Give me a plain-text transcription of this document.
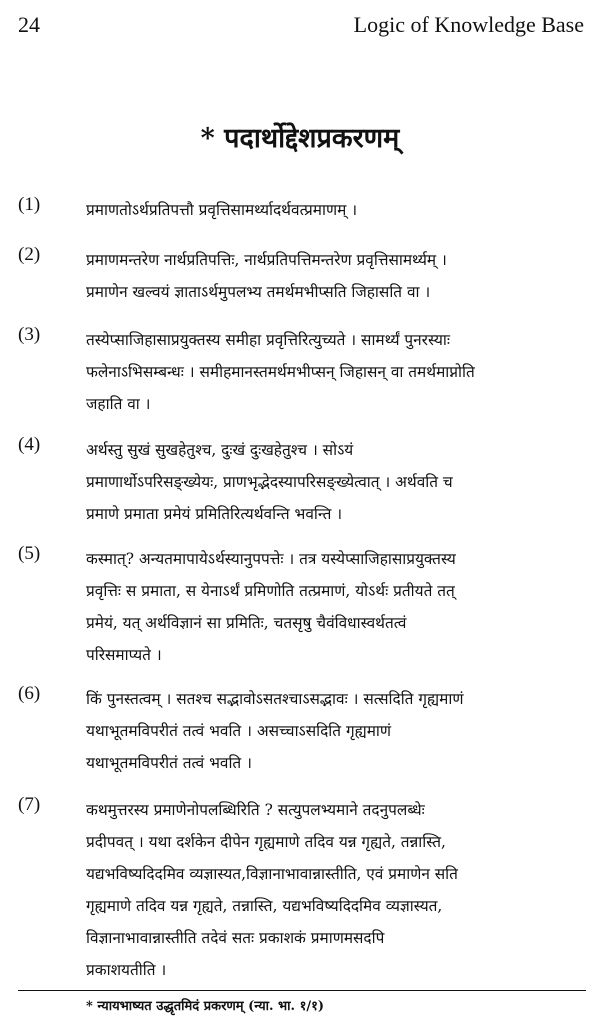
24	Logic of Knowledge Base
* पदार्थोद्देशप्रकरणम्
(1)	प्रमाणतोऽर्थप्रतिपत्तौ प्रवृत्तिसामर्थ्यादर्थवत्प्रमाणम् ।
(2)	प्रमाणमन्तरेण नार्थप्रतिपत्तिः, नार्थप्रतिपत्तिमन्तरेण प्रवृत्तिसामर्थ्यम् ।
प्रमाणेन खल्वयं ज्ञाताऽर्थमुपलभ्य तमर्थमभीप्सति जिहासति वा ।
(3)	तस्येप्साजिहासाप्रयुक्तस्य समीहा प्रवृत्तिरित्युच्यते । सामर्थ्यं पुनरस्याः
फलेनाऽभिसम्बन्धः । समीहमानस्तमर्थमभीप्सन् जिहासन् वा तमर्थमाप्नोति
जहाति वा ।
(4)	अर्थस्तु सुखं सुखहेतुश्च, दुःखं दुःखहेतुश्च । सोऽयं
प्रमाणार्थोऽपरिसङ्ख्येयः, प्राणभृद्भेदस्यापरिसङ्ख्येत्वात् । अर्थवति च
प्रमाणे प्रमाता प्रमेयं प्रमितिरित्यर्थवन्ति भवन्ति ।
(5)	कस्मात्? अन्यतमापायेऽर्थस्यानुपपत्तेः । तत्र यस्येप्साजिहासाप्रयुक्तस्य
प्रवृत्तिः स प्रमाता, स येनाऽर्थं प्रमिणोति तत्प्रमाणं, योऽर्थः प्रतीयते तत्
प्रमेयं, यत् अर्थविज्ञानं सा प्रमितिः, चतसृषु चैवंविधास्वर्थतत्वं
परिसमाप्यते ।
(6)	किं पुनस्तत्वम् । सतश्च सद्भावोऽसतश्चाऽसद्भावः । सत्सदिति गृह्यमाणं
यथाभूतमविपरीतं तत्वं भवति । असच्चाऽसदिति गृह्यमाणं
यथाभूतमविपरीतं तत्वं भवति ।
(7)	कथमुत्तरस्य प्रमाणेनोपलब्धिरिति ? सत्युपलभ्यमाने तदनुपलब्धेः
प्रदीपवत् । यथा दर्शकेन दीपेन गृह्यमाणे तदिव यन्न गृह्यते, तन्नास्ति,
यद्यभविष्यदिदमिव व्यज्ञास्यत,विज्ञानाभावान्नास्तीति, एवं प्रमाणेन सति
गृह्यमाणे तदिव यन्न गृह्यते, तन्नास्ति, यद्यभविष्यदिदमिव व्यज्ञास्यत,
विज्ञानाभावान्नास्तीति तदेवं सतः प्रकाशकं प्रमाणमसदपि
प्रकाशयतीति ।
* न्यायभाष्यत उद्धृतमिदं प्रकरणम् (न्या. भा. १/१)
